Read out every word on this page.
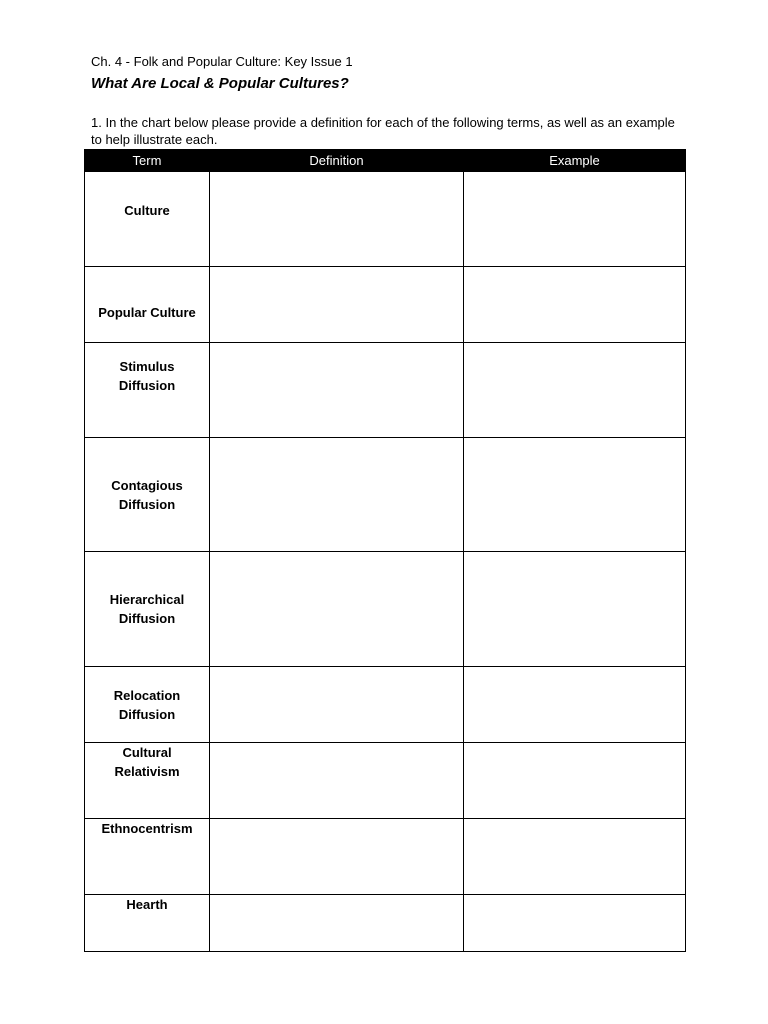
Ch. 4 - Folk and Popular Culture: Key Issue 1
What Are Local & Popular Cultures?
1. In the chart below please provide a definition for each of the following terms, as well as an example to help illustrate each.
Term	Definition	Example

Culture		

Popular Culture		

Stimulus Diffusion		

Contagious Diffusion		

Hierarchical Diffusion		

Relocation Diffusion		

Cultural Relativism		

Ethnocentrism		

Hearth		
